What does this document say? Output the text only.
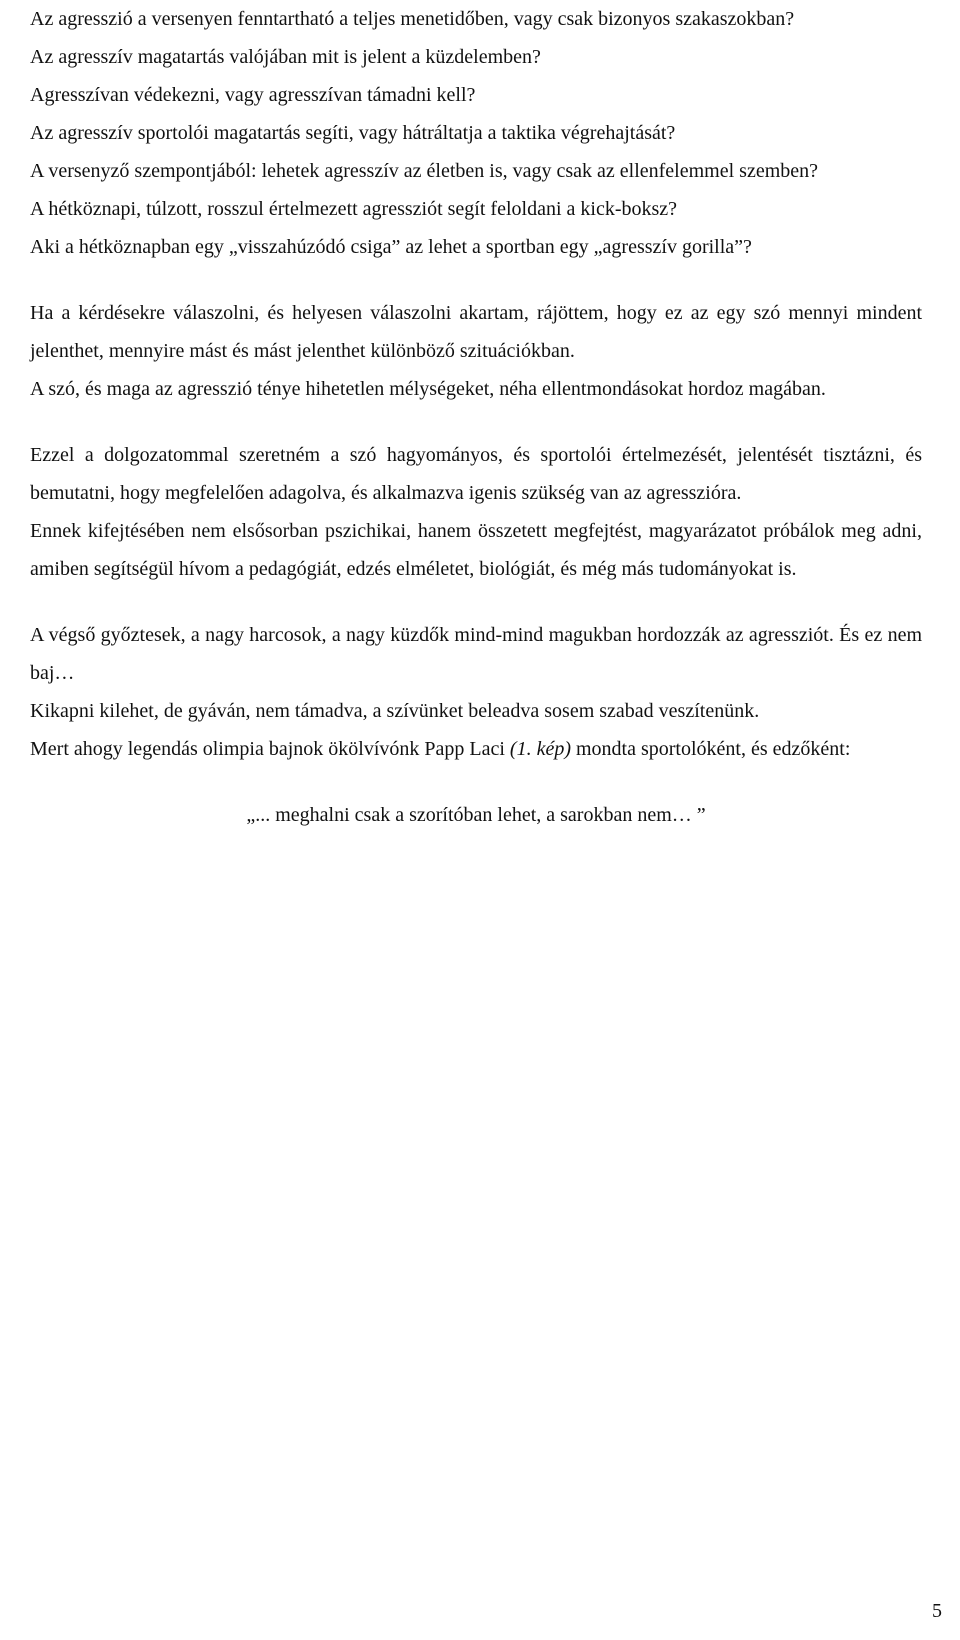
Az agresszió a versenyen fenntartható a teljes menetidőben, vagy csak bizonyos szakaszokban?

Az agresszív magatartás valójában mit is jelent a küzdelemben?

Agresszívan védekezni, vagy agresszívan támadni kell?

Az agresszív sportolói magatartás segíti, vagy hátráltatja a taktika végrehajtását?

A versenyző szempontjából: lehetek agresszív az életben is, vagy csak az ellenfelemmel szemben?

A hétköznapi, túlzott, rosszul értelmezett agressziót segít feloldani a kick-boksz?

Aki a hétköznapban egy „visszahúzódó csiga” az lehet a sportban egy „agresszív gorilla”?

Ha a kérdésekre válaszolni, és helyesen válaszolni akartam, rájöttem, hogy ez az egy szó mennyi mindent jelenthet, mennyire mást és mást jelenthet különböző szituációkban.

A szó, és maga az agresszió ténye hihetetlen mélységeket, néha ellentmondásokat hordoz magában.

Ezzel a dolgozatommal szeretném a szó hagyományos, és sportolói értelmezését, jelentését tisztázni, és bemutatni, hogy megfelelően adagolva, és alkalmazva igenis szükség van az agresszióra.

Ennek kifejtésében nem elsősorban pszichikai, hanem összetett megfejtést, magyarázatot próbálok meg adni, amiben segítségül hívom a pedagógiát, edzés elméletet, biológiát, és még más tudományokat is.

A végső győztesek, a nagy harcosok, a nagy küzdők mind-mind magukban hordozzák az agressziót. És ez nem baj…

Kikapni kilehet, de gyáván, nem támadva, a szívünket beleadva sosem szabad veszítenünk.

Mert ahogy legendás olimpia bajnok ökölvívónk Papp Laci (1. kép) mondta sportolóként, és edzőként:

„... meghalni csak a szorítóban lehet, a sarokban nem… ”

5
